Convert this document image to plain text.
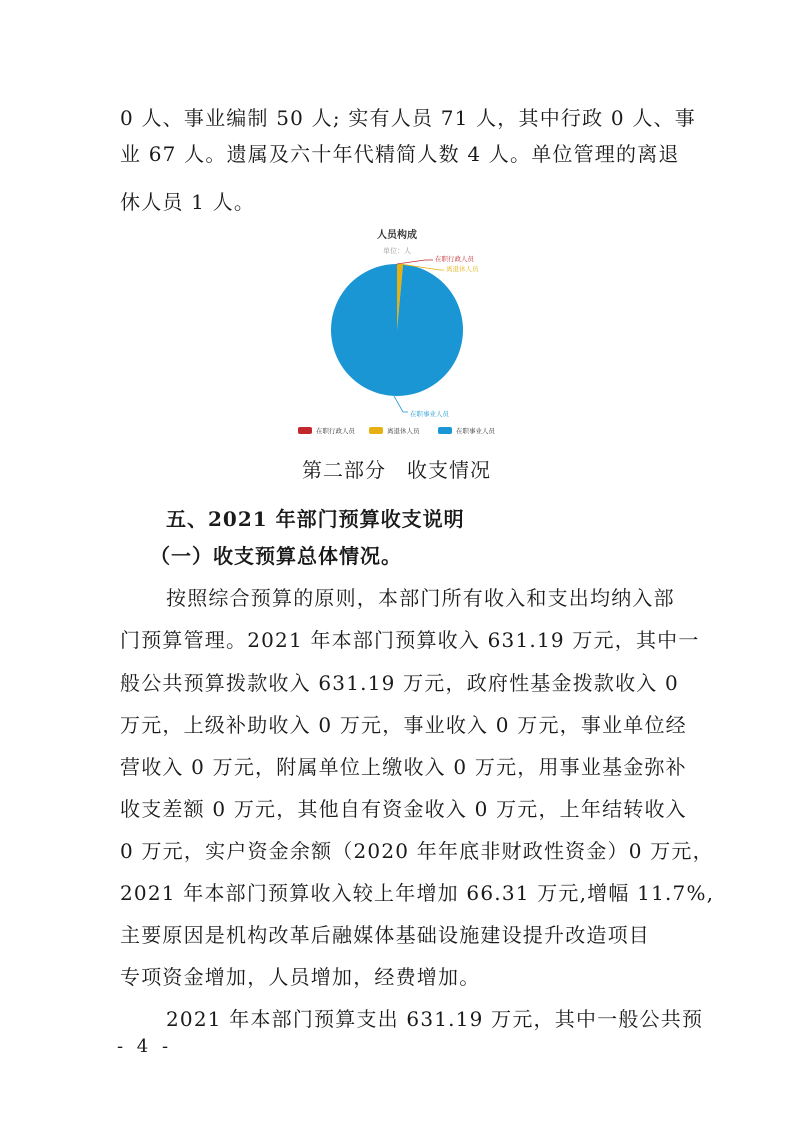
0 人、事业编制 50 人; 实有人员 71 人，其中行政 0 人、事
业 67 人。遗属及六十年代精简人数 4 人。单位管理的离退
休人员 1 人。
人员构成
单位：人
在职行政人员
离退休人员
在职事业人员
在职行政人员	离退休人员	在职事业人员
第二部分　收支情况
五、2021 年部门预算收支说明
（一）收支预算总体情况。
按照综合预算的原则，本部门所有收入和支出均纳入部
门预算管理。2021 年本部门预算收入 631.19 万元，其中一
般公共预算拨款收入 631.19 万元，政府性基金拨款收入 0
万元，上级补助收入 0 万元，事业收入 0 万元，事业单位经
营收入 0 万元，附属单位上缴收入 0 万元，用事业基金弥补
收支差额 0 万元，其他自有资金收入 0 万元，上年结转收入
0 万元，实户资金余额（2020 年年底非财政性资金）0 万元，
2021 年本部门预算收入较上年增加 66.31 万元,增幅 11.7%,
主要原因是机构改革后融媒体基础设施建设提升改造项目
专项资金增加，人员增加，经费增加。
2021 年本部门预算支出 631.19 万元，其中一般公共预
- 4 -
